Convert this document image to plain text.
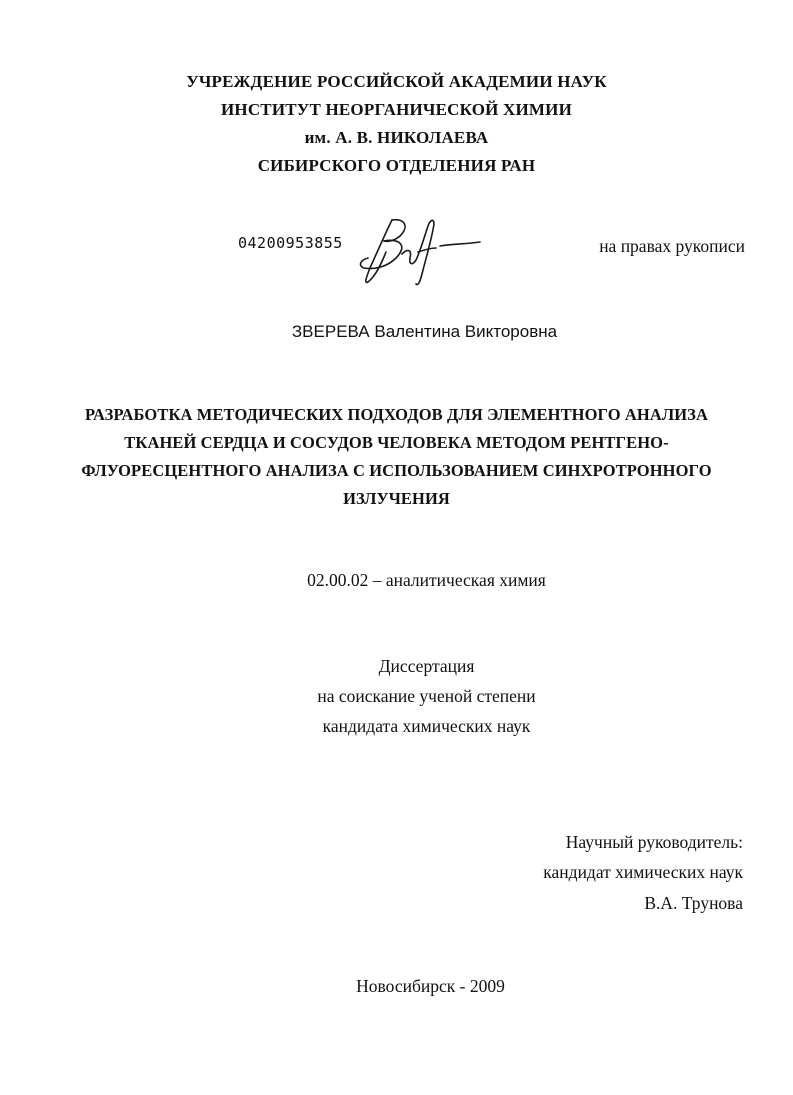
УЧРЕЖДЕНИЕ РОССИЙСКОЙ АКАДЕМИИ НАУК
ИНСТИТУТ НЕОРГАНИЧЕСКОЙ ХИМИИ
им. А. В. НИКОЛАЕВА
СИБИРСКОГО ОТДЕЛЕНИЯ РАН
04200953855	на правах рукописи
ЗВЕРЕВА Валентина Викторовна
РАЗРАБОТКА МЕТОДИЧЕСКИХ ПОДХОДОВ ДЛЯ ЭЛЕМЕНТНОГО АНАЛИЗА
ТКАНЕЙ СЕРДЦА И СОСУДОВ ЧЕЛОВЕКА МЕТОДОМ РЕНТГЕНО-
ФЛУОРЕСЦЕНТНОГО АНАЛИЗА С ИСПОЛЬЗОВАНИЕМ СИНХРОТРОННОГО
ИЗЛУЧЕНИЯ
02.00.02 – аналитическая химия
Диссертация
на соискание ученой степени
кандидата химических наук
Научный руководитель:
кандидат химических наук
В.А. Трунова
Новосибирск - 2009
